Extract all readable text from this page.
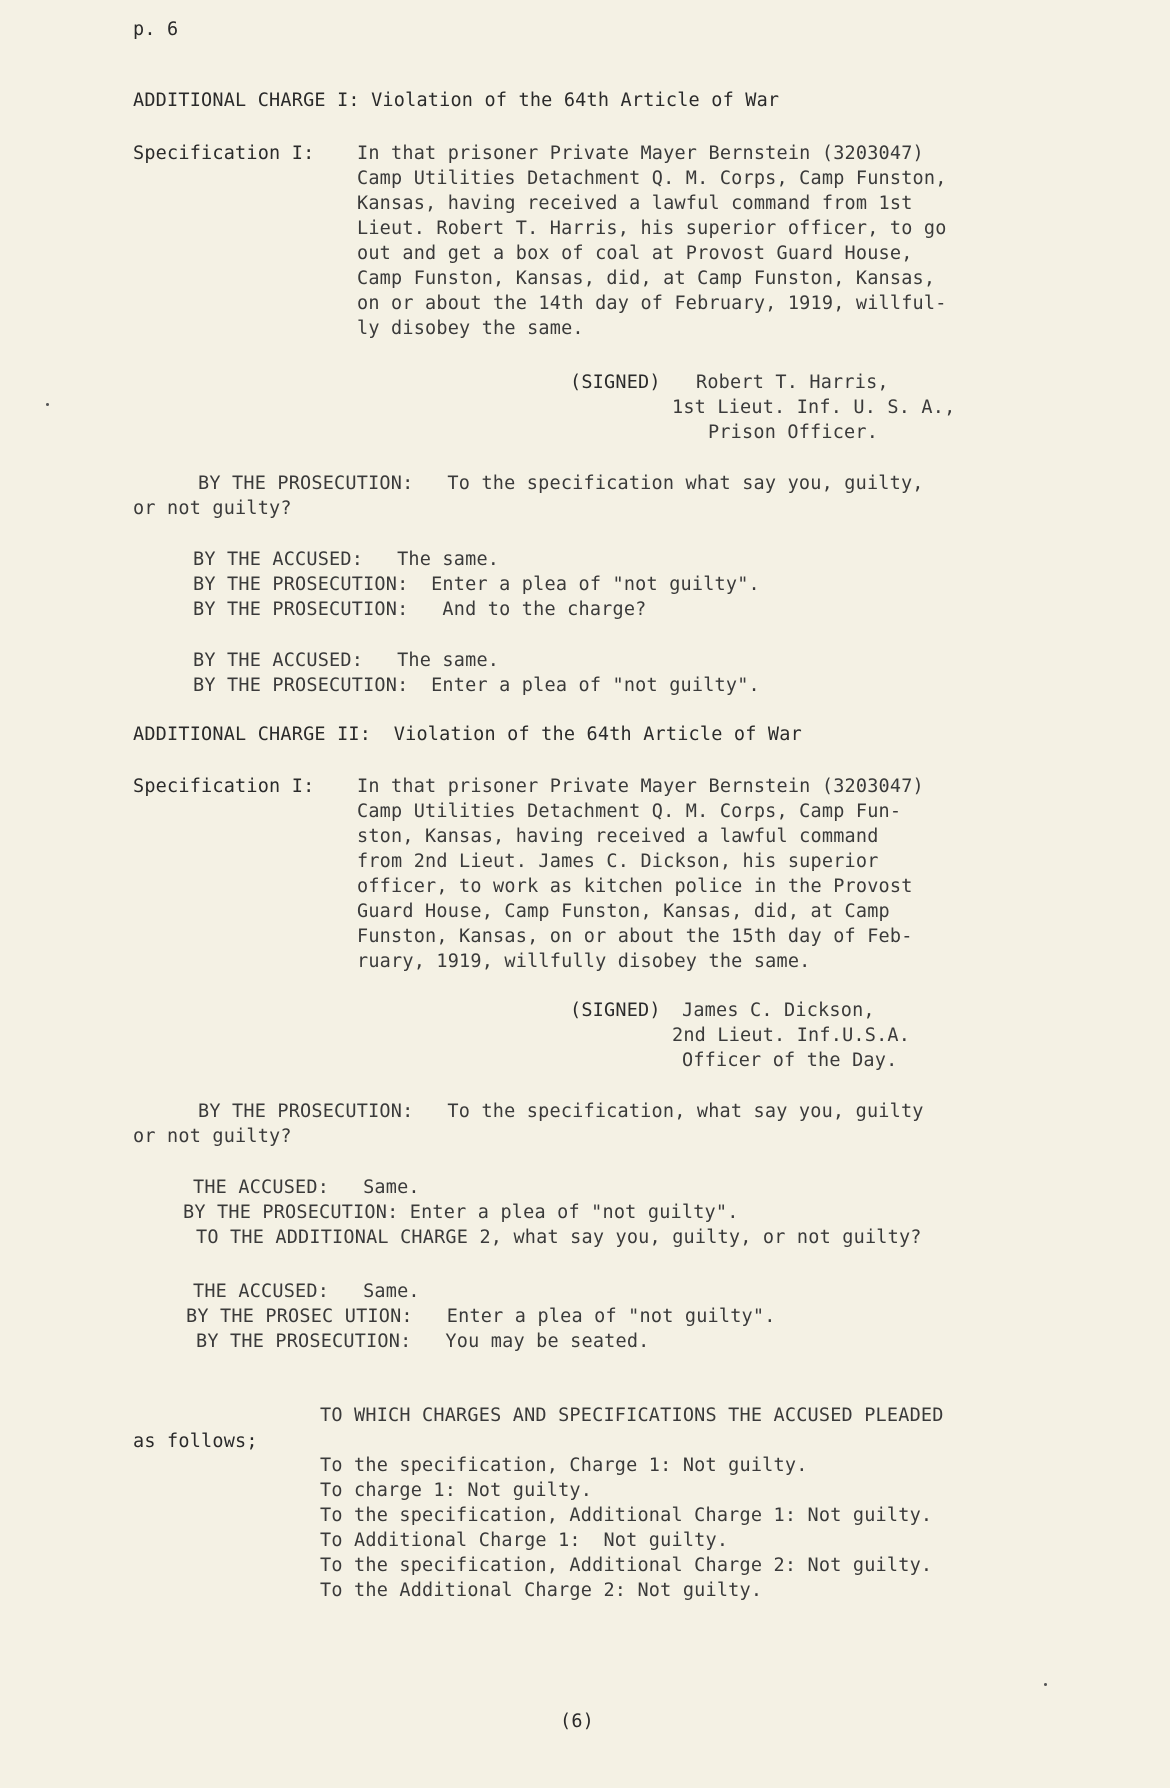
p. 6
ADDITIONAL CHARGE I: Violation of the 64th Article of War
Specification I: In that prisoner Private Mayer Bernstein (3203047)
Camp Utilities Detachment Q. M. Corps, Camp Funston,
Kansas, having received a lawful command from 1st
Lieut. Robert T. Harris, his superior officer, to go
out and get a box of coal at Provost Guard House,
Camp Funston, Kansas, did, at Camp Funston, Kansas,
on or about the 14th day of February, 1919, willful-
ly disobey the same.
(SIGNED) Robert T. Harris,
1st Lieut. Inf. U. S. A.,
Prison Officer.
BY THE PROSECUTION:   To the specification what say you, guilty,
or not guilty?
BY THE ACCUSED:   The same.
BY THE PROSECUTION:  Enter a plea of "not guilty".
BY THE PROSECUTION:   And to the charge?
BY THE ACCUSED:   The same.
BY THE PROSECUTION:  Enter a plea of "not guilty".
ADDITIONAL CHARGE II:  Violation of the 64th Article of War
Specification I: In that prisoner Private Mayer Bernstein (3203047)
Camp Utilities Detachment Q. M. Corps, Camp Fun-
ston, Kansas, having received a lawful command
from 2nd Lieut. James C. Dickson, his superior
officer, to work as kitchen police in the Provost
Guard House, Camp Funston, Kansas, did, at Camp
Funston, Kansas, on or about the 15th day of Feb-
ruary, 1919, willfully disobey the same.
(SIGNED) James C. Dickson,
2nd Lieut. Inf.U.S.A.
Officer of the Day.
BY THE PROSECUTION:   To the specification, what say you, guilty
or not guilty?
THE ACCUSED:   Same.
BY THE PROSECUTION: Enter a plea of "not guilty".
TO THE ADDITIONAL CHARGE 2, what say you, guilty, or not guilty?
THE ACCUSED:   Same.
BY THE PROSEC UTION:   Enter a plea of "not guilty".
BY THE PROSECUTION:   You may be seated.
TO WHICH CHARGES AND SPECIFICATIONS THE ACCUSED PLEADED
as follows;
To the specification, Charge 1: Not guilty.
To charge 1: Not guilty.
To the specification, Additional Charge 1: Not guilty.
To Additional Charge 1:  Not guilty.
To the specification, Additional Charge 2: Not guilty.
To the Additional Charge 2: Not guilty.
(6)
